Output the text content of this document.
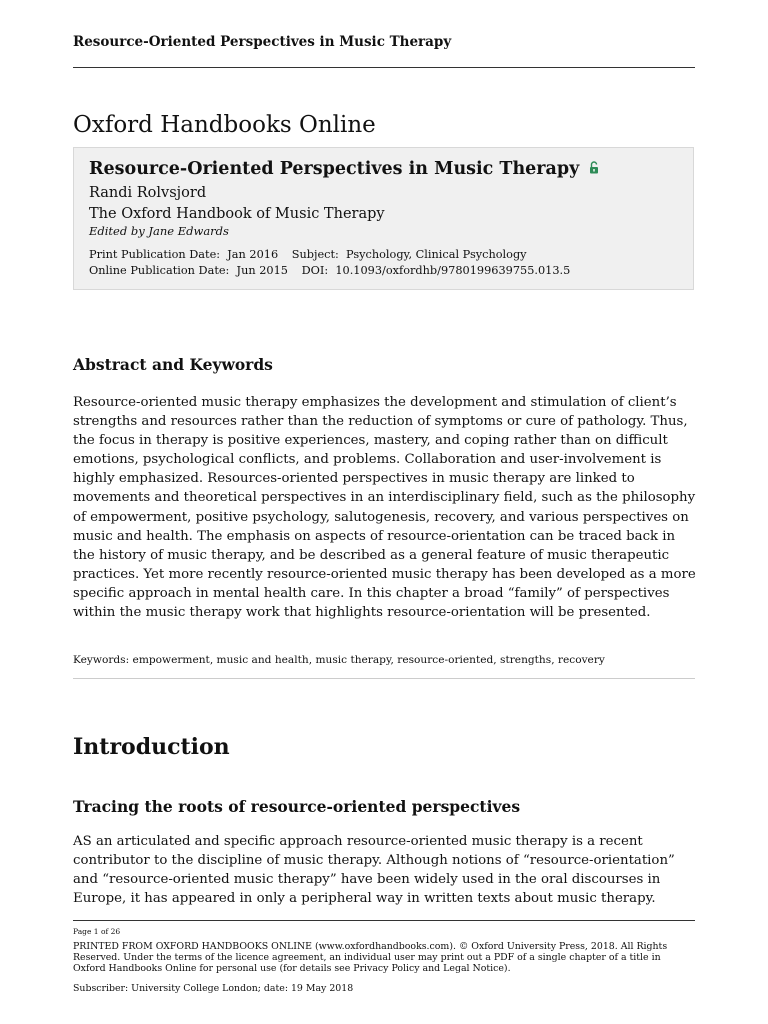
Resource-Oriented Perspectives in Music Therapy
Oxford Handbooks Online
Resource-Oriented Perspectives in Music Therapy
Randi Rolvsjord
The Oxford Handbook of Music Therapy
Edited by Jane Edwards
Print Publication Date: Jan 2016 Subject: Psychology, Clinical Psychology
Online Publication Date: Jun 2015 DOI: 10.1093/oxfordhb/9780199639755.013.5
Abstract and Keywords

Resource-oriented music therapy emphasizes the development and stimulation of client’s strengths and resources rather than the reduction of symptoms or cure of pathology. Thus, the focus in therapy is positive experiences, mastery, and coping rather than on difficult emotions, psychological conflicts, and problems. Collaboration and user-involvement is highly emphasized. Resources-oriented perspectives in music therapy are linked to movements and theoretical perspectives in an interdisciplinary field, such as the philosophy of empowerment, positive psychology, salutogenesis, recovery, and various perspectives on music and health. The emphasis on aspects of resource-orientation can be traced back in the history of music therapy, and be described as a general feature of music therapeutic practices. Yet more recently resource-oriented music therapy has been developed as a more specific approach in mental health care. In this chapter a broad “family” of perspectives within the music therapy work that highlights resource-orientation will be presented.

Keywords: empowerment, music and health, music therapy, resource-oriented, strengths, recovery
Introduction
Tracing the roots of resource-oriented perspectives

AS an articulated and specific approach resource-oriented music therapy is a recent contributor to the discipline of music therapy. Although notions of “resource-orientation” and “resource-oriented music therapy” have been widely used in the oral discourses in Europe, it has appeared in only a peripheral way in written texts about music therapy.

Page 1 of 26

PRINTED FROM OXFORD HANDBOOKS ONLINE (www.oxfordhandbooks.com). © Oxford University Press, 2018. All Rights Reserved. Under the terms of the licence agreement, an individual user may print out a PDF of a single chapter of a title in Oxford Handbooks Online for personal use (for details see Privacy Policy and Legal Notice).

Subscriber: University College London; date: 19 May 2018
